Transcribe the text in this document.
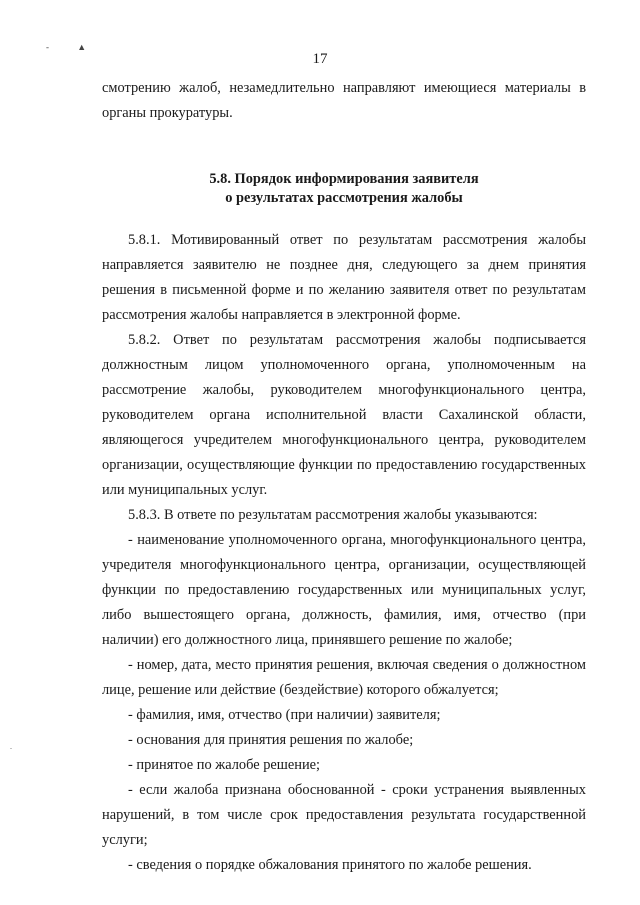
-	▲
.
17

смотрению жалоб, незамедлительно направляют имеющиеся материалы в органы прокуратуры.

5.8. Порядок информирования заявителя
о результатах рассмотрения жалобы

5.8.1. Мотивированный ответ по результатам рассмотрения жалобы направляется заявителю не позднее дня, следующего за днем принятия решения в письменной форме и по желанию заявителя ответ по результатам рассмотрения жалобы направляется в электронной форме.

5.8.2. Ответ по результатам рассмотрения жалобы подписывается должностным лицом уполномоченного органа, уполномоченным на рассмотрение жалобы, руководителем многофункционального центра, руководителем органа исполнительной власти Сахалинской области, являющегося учредителем многофункционального центра, руководителем организации, осуществляющие функции по предоставлению государственных или муниципальных услуг.

5.8.3. В ответе по результатам рассмотрения жалобы указываются:

- наименование уполномоченного органа, многофункционального центра, учредителя многофункционального центра, организации, осуществляющей функции по предоставлению государственных или муниципальных услуг, либо вышестоящего органа, должность, фамилия, имя, отчество (при наличии) его должностного лица, принявшего решение по жалобе;

- номер, дата, место принятия решения, включая сведения о должностном лице, решение или действие (бездействие) которого обжалуется;

- фамилия, имя, отчество (при наличии) заявителя;

- основания для принятия решения по жалобе;

- принятое по жалобе решение;

- если жалоба признана обоснованной - сроки устранения выявленных нарушений, в том числе срок предоставления результата государственной услуги;

- сведения о порядке обжалования принятого по жалобе решения.
